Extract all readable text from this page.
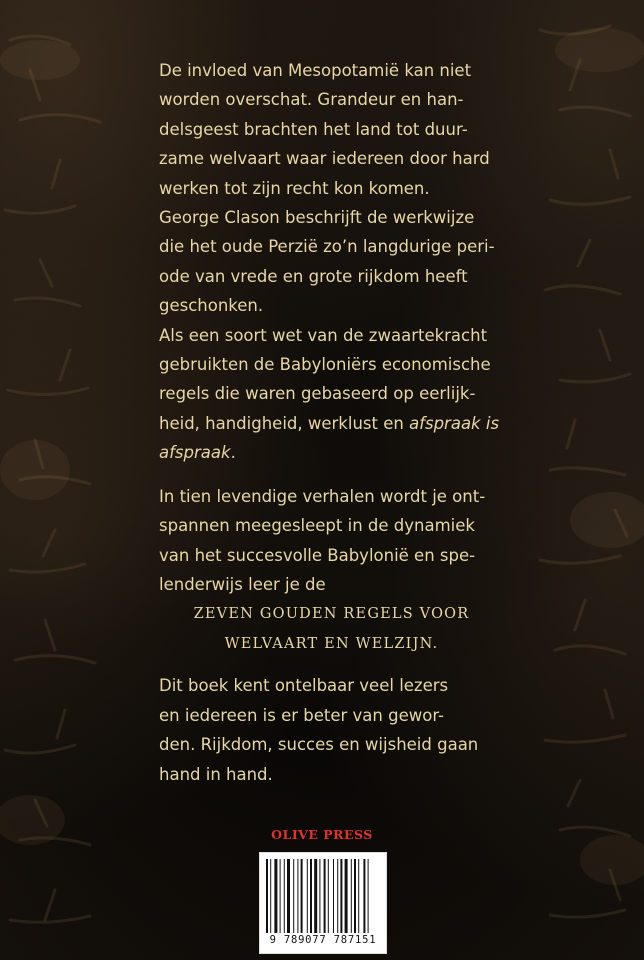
De invloed van Mesopotamië kan niet
worden overschat. Grandeur en han-
delsgeest brachten het land tot duur-
zame welvaart waar iedereen door hard
werken tot zijn recht kon komen.
George Clason beschrijft de werkwijze
die het oude Perzië zo’n langdurige peri-
ode van vrede en grote rijkdom heeft
geschonken.

Als een soort wet van de zwaartekracht
gebruikten de Babyloniërs economische
regels die waren gebaseerd op eerlijk-
heid, handigheid, werklust en afspraak is
afspraak.

In tien levendige verhalen wordt je ont-
spannen meegesleept in de dynamiek
van het succesvolle Babylonië en spe-
lenderwijs leer je de

ZEVEN GOUDEN REGELS VOOR
WELVAART EN WELZIJN.

Dit boek kent ontelbaar veel lezers
en iedereen is er beter van gewor-
den. Rijkdom, succes en wijsheid gaan
hand in hand.

OLIVE PRESS
9 789077 787151
